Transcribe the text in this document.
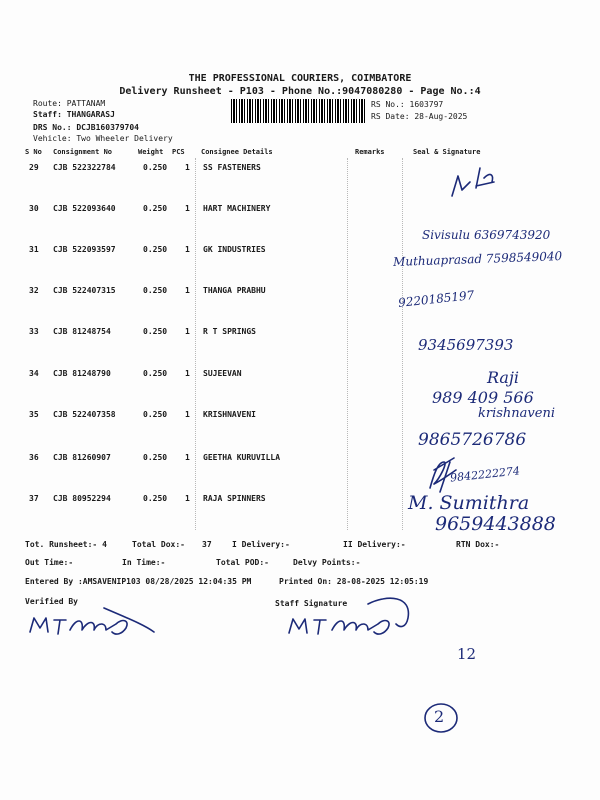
THE PROFESSIONAL COURIERS, COIMBATORE
Delivery Runsheet - P103 - Phone No.:9047080280 - Page No.:4
Route: PATTANAM
Staff: THANGARASJ
DRS No.: DCJB160379704
Vehicle: Two Wheeler Delivery
RS No.: 1603797
RS Date: 28-Aug-2025
S No Consignment No	Weight PCS Consignee Details	Remarks	Seal & Signature
29 CJB 522322784	0.250 1 SS FASTENERS
30 CJB 522093640	0.250 1 HART MACHINERY
31 CJB 522093597	0.250 1 GK INDUSTRIES
32 CJB 522407315	0.250 1 THANGA PRABHU
33 CJB 81248754	0.250 1 R T SPRINGS
34 CJB 81248790	0.250 1 SUJEEVAN
35 CJB 522407358	0.250 1 KRISHNAVENI
36 CJB 81260907	0.250 1 GEETHA KURUVILLA
37 CJB 80952294	0.250 1 RAJA SPINNERS
Sivisulu 6369743920
Muthuaprasad 7598549040
9220185197
9345697393
Raji
989 409 566
krishnaveni
9865726786
9842222274
M. Sumithra
9659443888
12
2
Tot. Runsheet:- 4	Total Dox:- 37	I Delivery:-	II Delivery:-	RTN Dox:-
Out Time:-	In Time:-	Total POD:-	Delvy Points:-
Entered By :AMSAVENIP103 08/28/2025 12:04:35 PM	Printed On: 28-08-2025 12:05:19
Verified By	Staff Signature
